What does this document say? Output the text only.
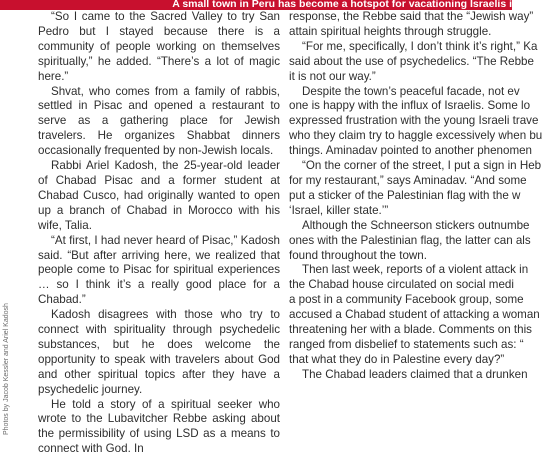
A small town in Peru has become a hotspot for vacationing Israelis i
Photos by Jacob Kessler and Ariel Kadosh

“So I came to the Sacred Valley to try San Pedro but I stayed because there is a community of people working on themselves spiritually,” he added. “There’s a lot of magic here.”

Shvat, who comes from a family of rabbis, settled in Pisac and opened a restaurant to serve as a gathering place for Jewish travelers. He organizes Shabbat dinners occasionally frequented by non-Jewish locals.

Rabbi Ariel Kadosh, the 25-year-old leader of Chabad Pisac and a former student at Chabad Cusco, had originally wanted to open up a branch of Chabad in Morocco with his wife, Talia.

“At first, I had never heard of Pisac,” Kadosh said. “But after arriving here, we realized that people come to Pisac for spiritual experiences … so I think it’s a really good place for a Chabad.”

Kadosh disagrees with those who try to connect with spirituality through psychedelic substances, but he does welcome the opportunity to speak with travelers about God and other spiritual topics after they have a psychedelic journey.

He told a story of a spiritual seeker who wrote to the Lubavitcher Rebbe asking about the permissibility of using LSD as a means to connect with God. In

response, the Rebbe said that the “Jewish way”

attain spiritual heights through struggle.

“For me, specifically, I don’t think it’s right,” Ka

said about the use of psychedelics. “The Rebbe

it is not our way.”

Despite the town’s peaceful facade, not ev

one is happy with the influx of Israelis. Some lo

expressed frustration with the young Israeli trave

who they claim try to haggle excessively when bu

things. Aminadav pointed to another phenomen

“On the corner of the street, I put a sign in Heb

for my restaurant,” says Aminadav. “And some

put a sticker of the Palestinian flag with the w

‘Israel, killer state.’”

Although the Schneerson stickers outnumbe

ones with the Palestinian flag, the latter can als

found throughout the town.

Then last week, reports of a violent attack in

the Chabad house circulated on social medi

a post in a community Facebook group, some

accused a Chabad student of attacking a woman

threatening her with a blade. Comments on this

ranged from disbelief to statements such as: “

that what they do in Palestine every day?”

The Chabad leaders claimed that a drunken
